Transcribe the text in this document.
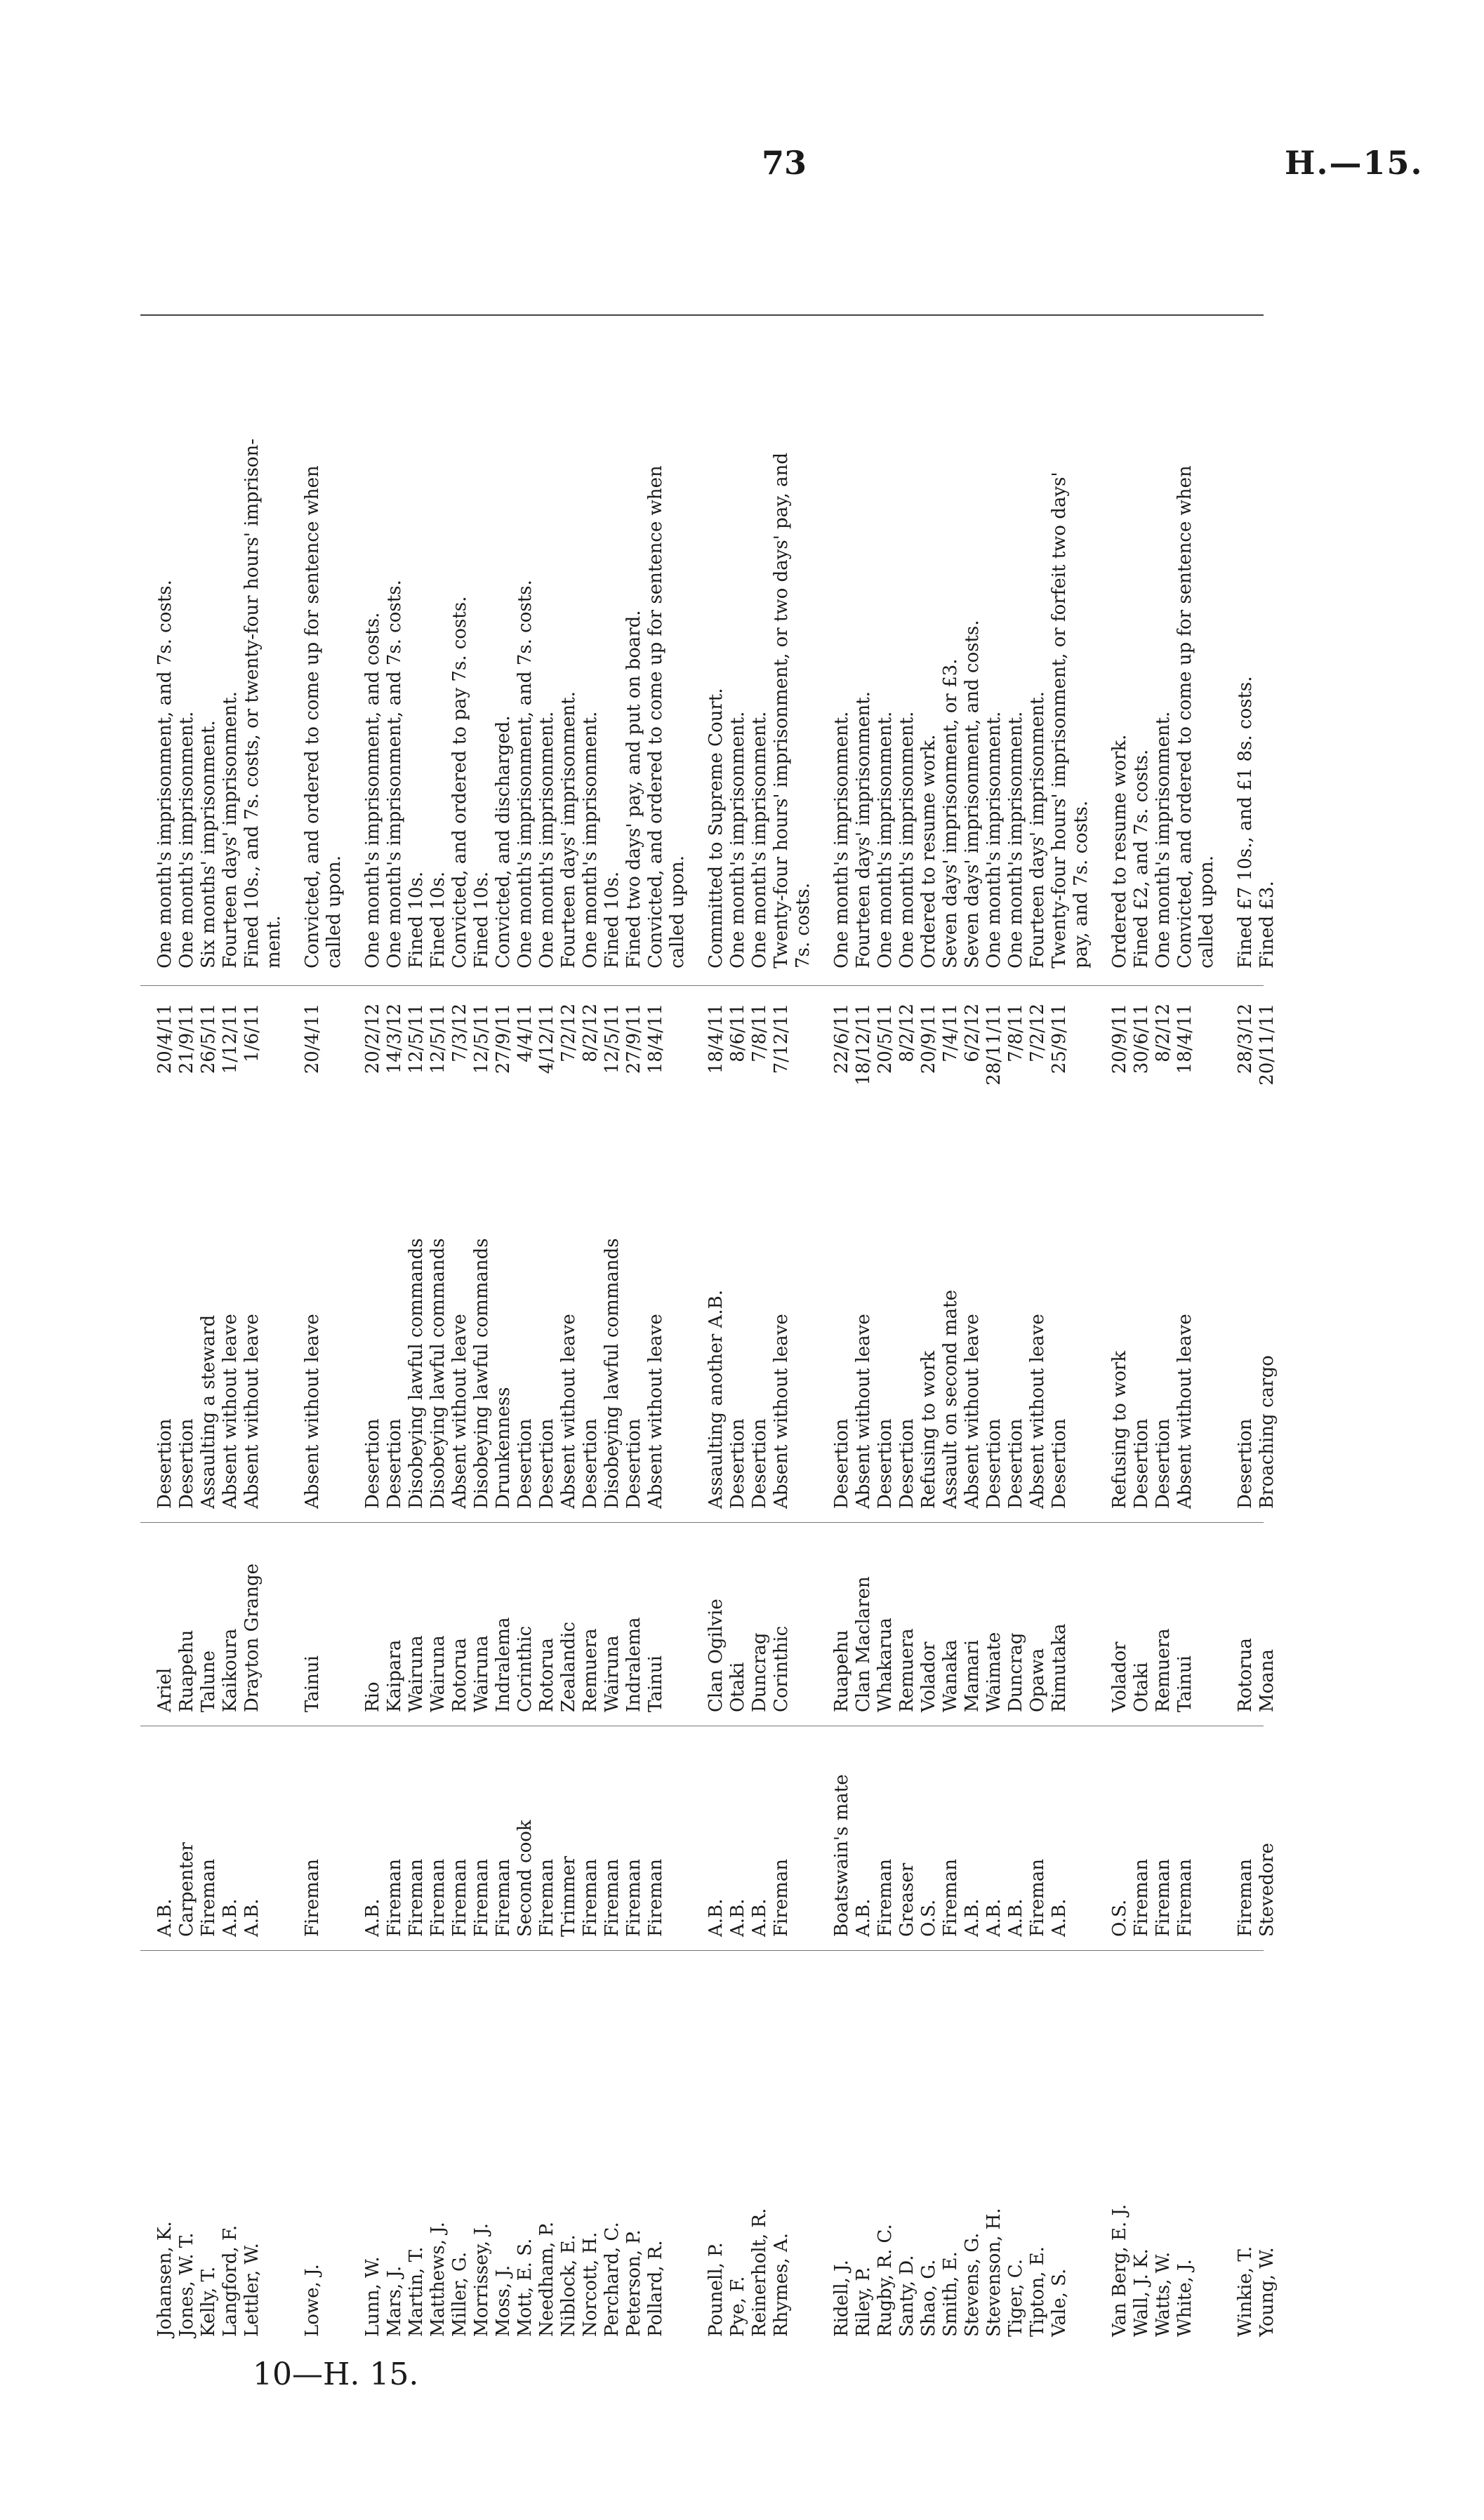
73	H.—15.
Johansen, K.
A.B.
Ariel
Desertion
20/4/11
One month's imprisonment, and 7s. costs.
Jones, W. T.
Carpenter
Ruapehu
Desertion
21/9/11
One month's imprisonment.
Kelly, T.
Fireman
Talune
Assaulting a steward
26/5/11
Six months' imprisonment.
Langford, F.
A.B.
Kaikoura
Absent without leave
1/12/11
Fourteen days' imprisonment.
Lettler, W.
A.B.
Drayton Grange
Absent without leave
1/6/11
Fined 10s., and 7s. costs, or twenty-four hours' imprison- ment.
Lowe, J.
Fireman
Tainui
Absent without leave
20/4/11
Convicted, and ordered to come up for sentence when called upon.
Lunn, W.
A.B.
Rio
Desertion
20/2/12
One month's imprisonment, and costs.
Mars, J.
Fireman
Kaipara
Desertion
14/3/12
One month's imprisonment, and 7s. costs.
Martin, T.
Fireman
Wairuna
Disobeying lawful commands
12/5/11
Fined 10s.
Matthews, J.
Fireman
Wairuna
Disobeying lawful commands
12/5/11
Fined 10s.
Miller, G.
Fireman
Rotorua
Absent without leave
7/3/12
Convicted, and ordered to pay 7s. costs.
Morrissey, J.
Fireman
Wairuna
Disobeying lawful commands
12/5/11
Fined 10s.
Moss, J.
Fireman
Indralema
Drunkenness
27/9/11
Convicted, and discharged.
Mott, E. S.
Second cook
Corinthic
Desertion
4/4/11
One month's imprisonment, and 7s. costs.
Needham, P.
Fireman
Rotorua
Desertion
4/12/11
One month's imprisonment.
Niblock, E.
Trimmer
Zealandic
Absent without leave
7/2/12
Fourteen days' imprisonment.
Norcott, H.
Fireman
Remuera
Desertion
8/2/12
One month's imprisonment.
Perchard, C.
Fireman
Wairuna
Disobeying lawful commands
12/5/11
Fined 10s.
Peterson, P.
Fireman
Indralema
Desertion
27/9/11
Fined two days' pay, and put on board.
Pollard, R.
Fireman
Tainui
Absent without leave
18/4/11
Convicted, and ordered to come up for sentence when called upon.
Pounell, P.
A.B.
Clan Ogilvie
Assaulting another A.B.
18/4/11
Committed to Supreme Court.
Pye, F.
A.B.
Otaki
Desertion
8/6/11
One month's imprisonment.
Reinerholt, R.
A.B.
Duncrag
Desertion
7/8/11
One month's imprisonment.
Rhymes, A.
Fireman
Corinthic
Absent without leave
7/12/11
Twenty-four hours' imprisonment, or two days' pay, and 7s. costs.
Ridell, J.
Boatswain's mate
Ruapehu
Desertion
22/6/11
One month's imprisonment.
Riley, P.
A.B.
Clan Maclaren
Absent without leave
18/12/11
Fourteen days' imprisonment.
Rugby, R. C.
Fireman
Whakarua
Desertion
20/5/11
One month's imprisonment.
Santy, D.
Greaser
Remuera
Desertion
8/2/12
One month's imprisonment.
Shao, G.
O.S.
Volador
Refusing to work
20/9/11
Ordered to resume work.
Smith, E.
Fireman
Wanaka
Assault on second mate
7/4/11
Seven days' imprisonment, or £3.
Stevens, G.
A.B.
Mamari
Absent without leave
6/2/12
Seven days' imprisonment, and costs.
Stevenson, H.
A.B.
Waimate
Desertion
28/11/11
One month's imprisonment.
Tiger, C.
A.B.
Duncrag
Desertion
7/8/11
One month's imprisonment.
Tipton, E.
Fireman
Opawa
Absent without leave
7/2/12
Fourteen days' imprisonment.
Vale, S.
A.B.
Rimutaka
Desertion
25/9/11
Twenty-four hours' imprisonment, or forfeit two days' pay, and 7s. costs.
Van Berg, E. J.
O.S.
Volador
Refusing to work
20/9/11
Ordered to resume work.
Wall, J. K.
Fireman
Otaki
Desertion
30/6/11
Fined £2, and 7s. costs.
Watts, W.
Fireman
Remuera
Desertion
8/2/12
One month's imprisonment.
White, J.
Fireman
Tainui
Absent without leave
18/4/11
Convicted, and ordered to come up for sentence when called upon.
Winkie, T.
Fireman
Rotorua
Desertion
28/3/12
Fined £7 10s., and £1 8s. costs.
Young, W.
Stevedore
Moana
Broaching cargo
20/11/11
Fined £3.
10—H. 15.
